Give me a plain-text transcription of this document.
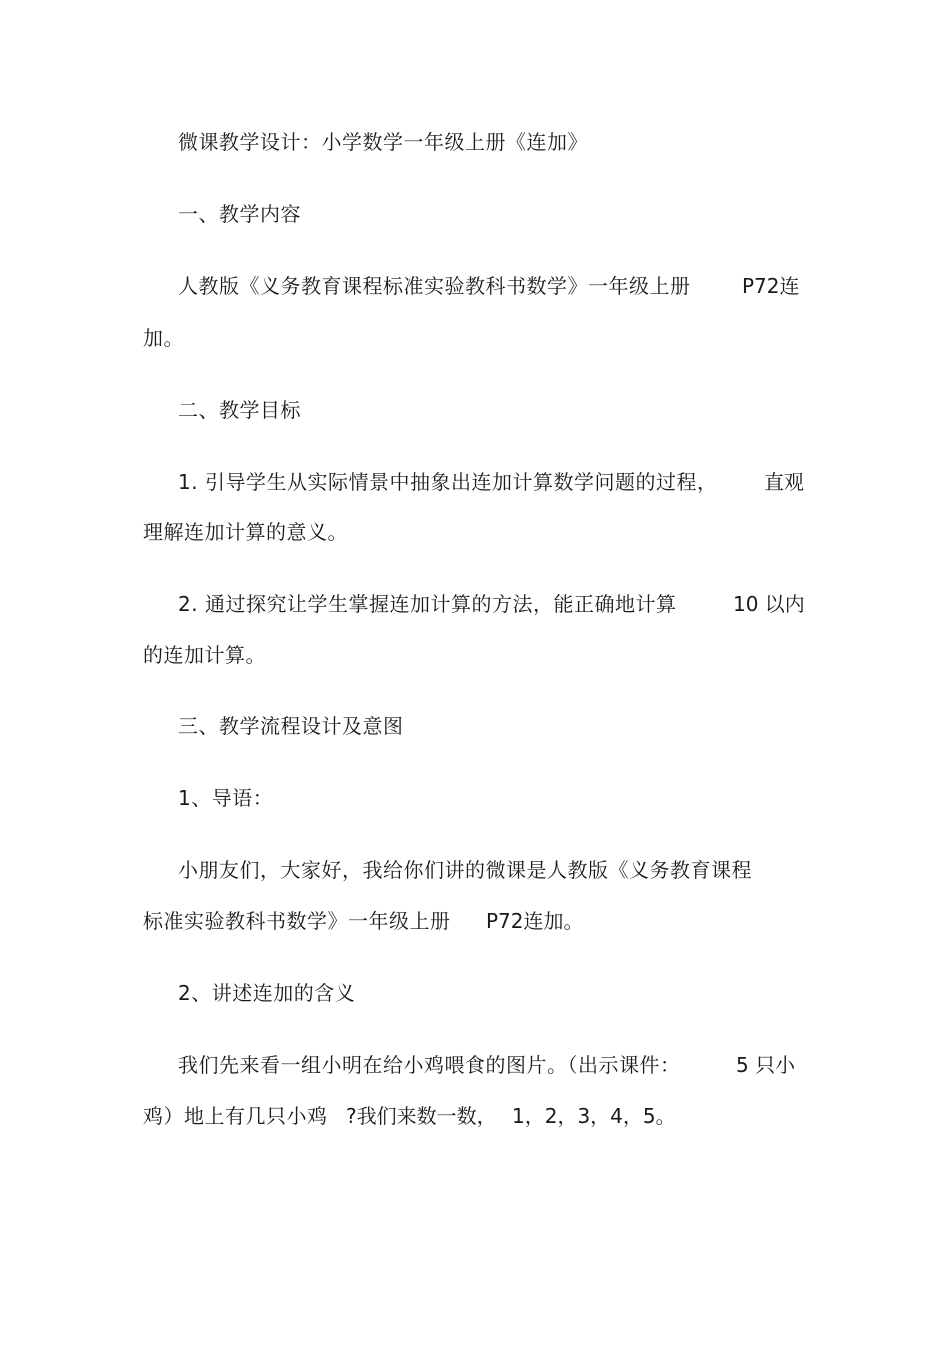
微课教学设计：小学数学一年级上册《连加》
一、教学内容
人教版《义务教育课程标准实验教科书数学》一年级上册	P72连
加。
二、教学目标
1. 引导学生从实际情景中抽象出连加计算数学问题的过程， 直观
理解连加计算的意义。
2. 通过探究让学生掌握连加计算的方法，能正确地计算	10 以内
的连加计算。
三、教学流程设计及意图
1、导语：
小朋友们，大家好，我给你们讲的微课是人教版《义务教育课程
标准实验教科书数学》一年级上册 P72连加。
2、讲述连加的含义
我们先来看一组小明在给小鸡喂食的图片。（出示课件：	5 只小
鸡）地上有几只小鸡 ?我们来数一数， 1，2，3，4，5。
